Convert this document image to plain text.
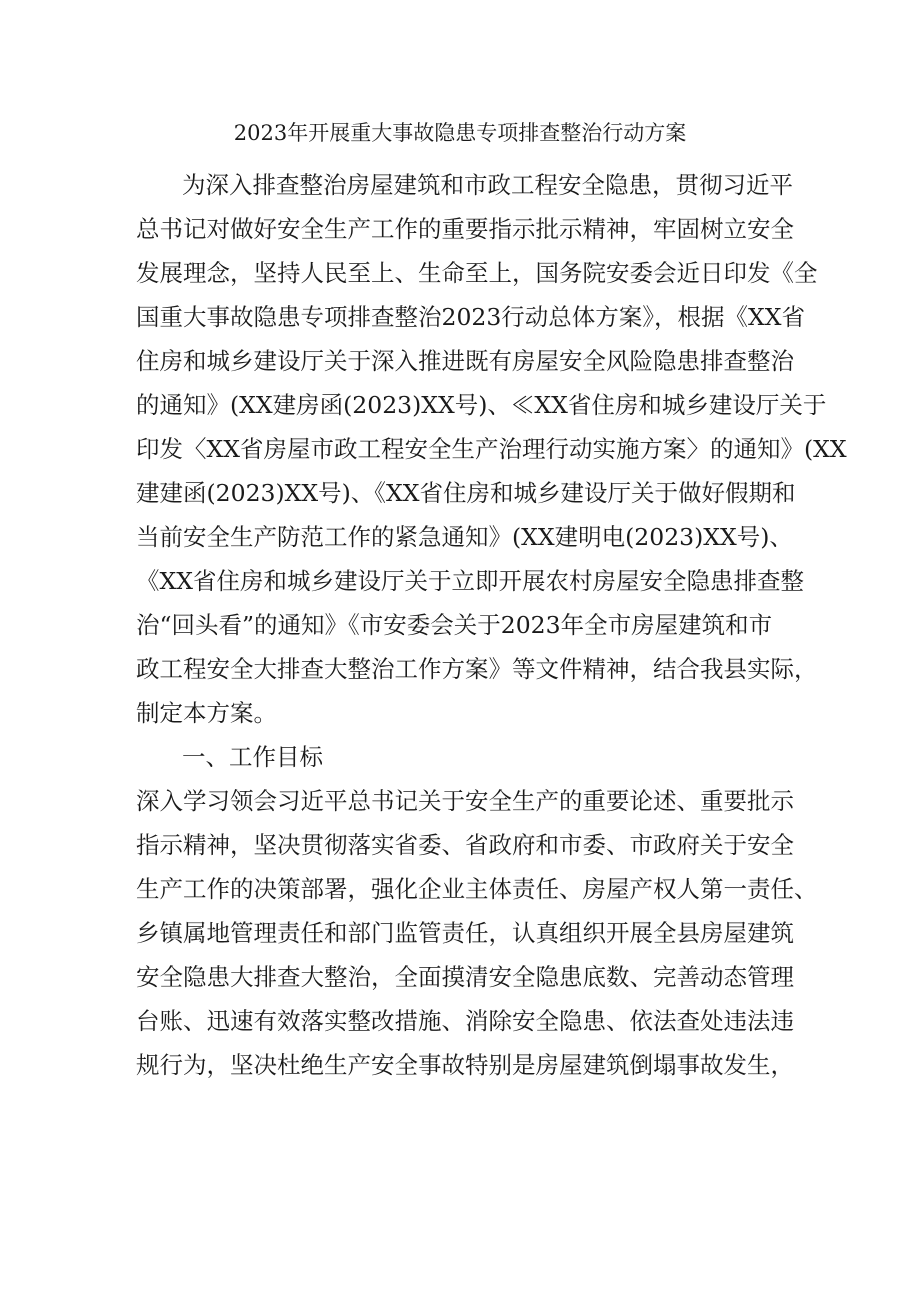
2023年开展重大事故隐患专项排查整治行动方案
为深入排查整治房屋建筑和市政工程安全隐患，贯彻习近平
总书记对做好安全生产工作的重要指示批示精神，牢固树立安全
发展理念，坚持人民至上、生命至上，国务院安委会近日印发《全
国重大事故隐患专项排查整治2023行动总体方案》，根据《XX省
住房和城乡建设厅关于深入推进既有房屋安全风险隐患排查整治
的通知》(XX建房函(2023)XX号)、≪XX省住房和城乡建设厅关于
印发〈XX省房屋市政工程安全生产治理行动实施方案〉的通知》(XX
建建函(2023)XX号)、《XX省住房和城乡建设厅关于做好假期和
当前安全生产防范工作的紧急通知》(XX建明电(2023)XX号)、
《XX省住房和城乡建设厅关于立即开展农村房屋安全隐患排查整
治“回头看”的通知》《市安委会关于2023年全市房屋建筑和市
政工程安全大排查大整治工作方案》等文件精神，结合我县实际，
制定本方案。
一、工作目标
深入学习领会习近平总书记关于安全生产的重要论述、重要批示
指示精神，坚决贯彻落实省委、省政府和市委、市政府关于安全
生产工作的决策部署，强化企业主体责任、房屋产权人第一责任、
乡镇属地管理责任和部门监管责任，认真组织开展全县房屋建筑
安全隐患大排查大整治，全面摸清安全隐患底数、完善动态管理
台账、迅速有效落实整改措施、消除安全隐患、依法查处违法违
规行为，坚决杜绝生产安全事故特别是房屋建筑倒塌事故发生，
